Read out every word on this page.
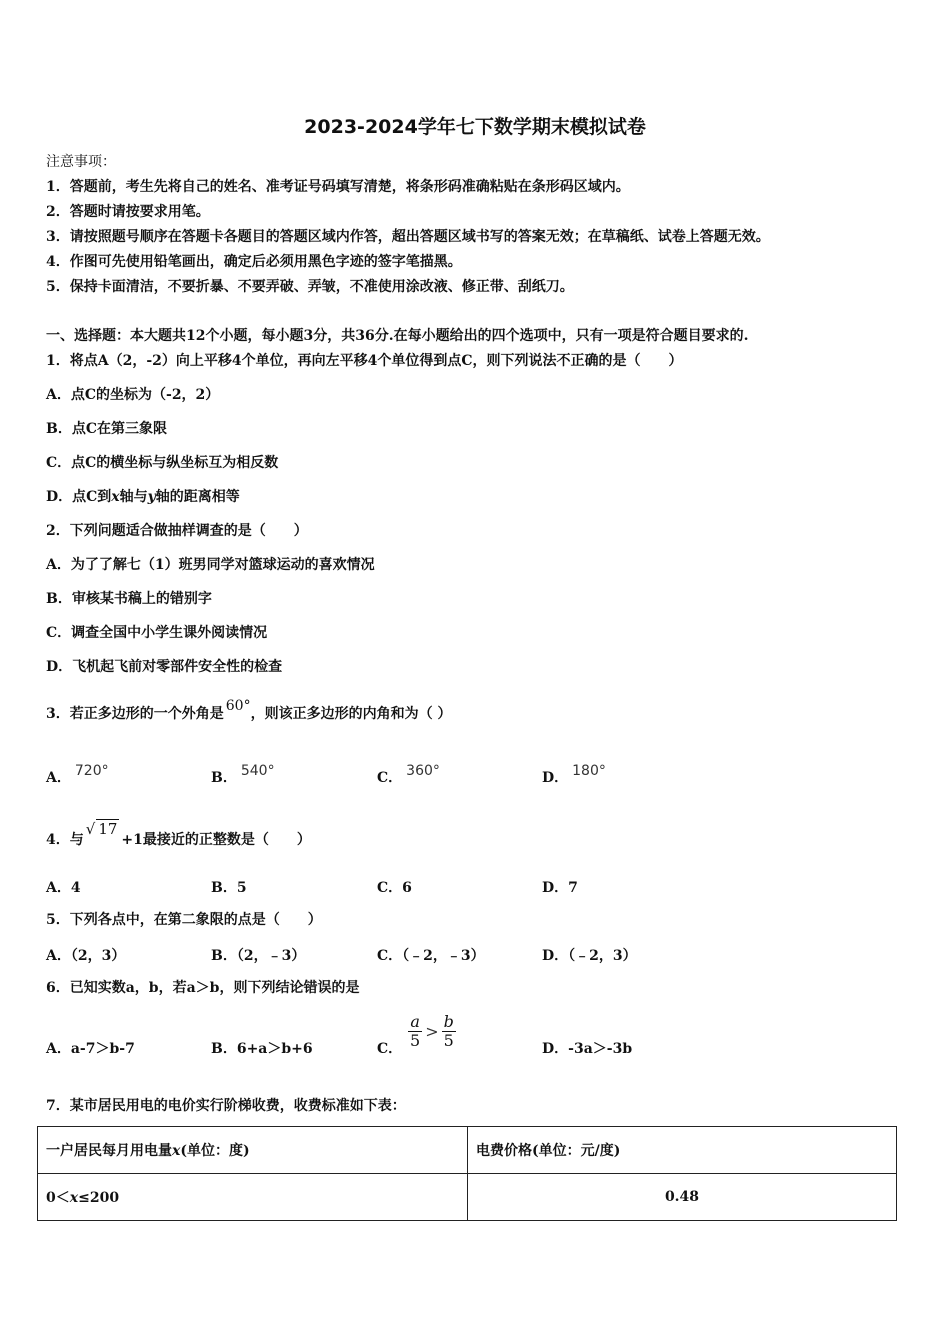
2023-2024学年七下数学期末模拟试卷
注意事项：
1．答题前，考生先将自己的姓名、准考证号码填写清楚，将条形码准确粘贴在条形码区域内。
2．答题时请按要求用笔。
3．请按照题号顺序在答题卡各题目的答题区域内作答，超出答题区域书写的答案无效；在草稿纸、试卷上答题无效。
4．作图可先使用铅笔画出，确定后必须用黑色字迹的签字笔描黑。
5．保持卡面清洁，不要折暴、不要弄破、弄皱，不准使用涂改液、修正带、刮纸刀。
一、选择题：本大题共12个小题，每小题3分，共36分.在每小题给出的四个选项中，只有一项是符合题目要求的.
1．将点A（2，-2）向上平移4个单位，再向左平移4个单位得到点C，则下列说法不正确的是（　　）
A．点C的坐标为（-2，2）
B．点C在第三象限
C．点C的横坐标与纵坐标互为相反数
D．点C到x轴与y轴的距离相等
2．下列问题适合做抽样调查的是（　　）
A．为了了解七（1）班男同学对篮球运动的喜欢情况
B．审核某书稿上的错别字
C．调查全国中小学生课外阅读情况
D．飞机起飞前对零部件安全性的检查
3．若正多边形的一个外角是 60°，则该正多边形的内角和为（ ）
A． 720°	B． 540°	C． 360°	D． 180°
4．与√ 17+1最接近的正整数是（　　）
A．4	B．5	C．6	D．7
5．下列各点中，在第二象限的点是（　　）
A．（2，3）	B．（2，﹣3）	C．（﹣2，﹣3）	D．（﹣2，3）
6．已知实数a，b，若a＞b，则下列结论错误的是
A．a-7＞b-7	B．6+a＞b+6	C．	D．-3a＞-3b
$\frac{a}{5} > \frac{b}{5}$
7．某市居民用电的电价实行阶梯收费，收费标准如下表：
一户居民每月用电量x(单位：度)	电费价格(单位：元/度)
0＜x≤200	0.48
